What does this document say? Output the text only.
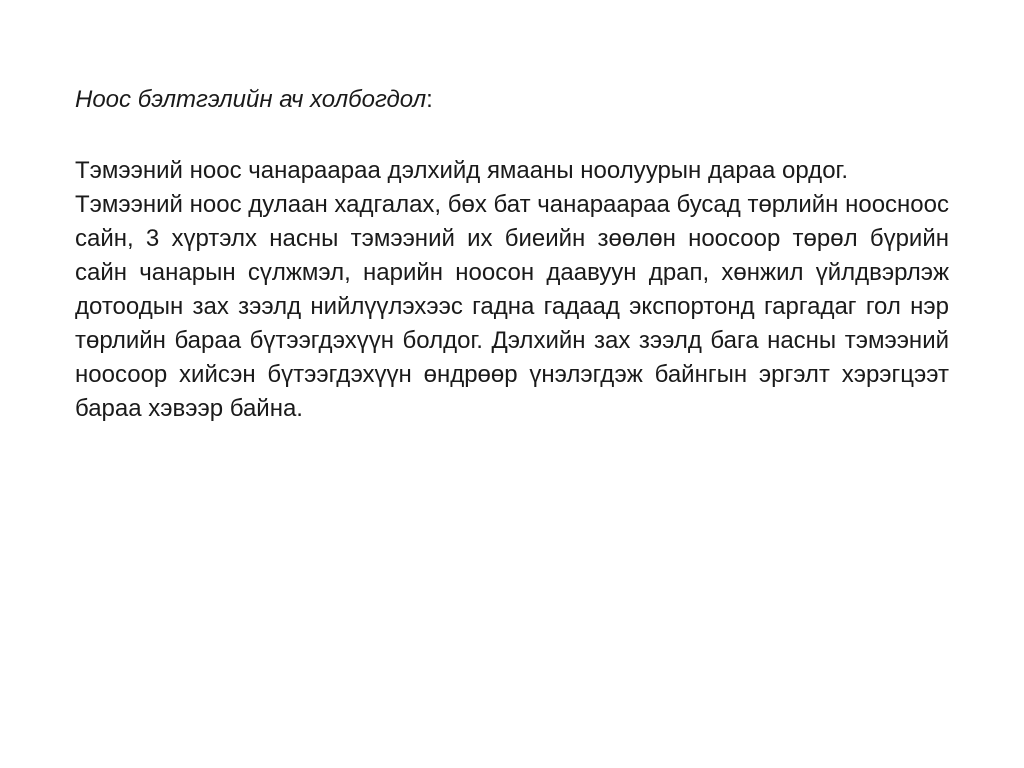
Ноос бэлтгэлийн ач холбогдол:

Тэмээний ноос чанараараа дэлхийд ямааны ноолуурын дараа ордог.

Тэмээний ноос дулаан хадгалах, бөх бат чанараараа бусад төрлийн нооснoос сайн, 3 хүртэлх насны тэмээний их биеийн зөөлөн ноосоор төрөл бүрийн сайн чанарын сүлжмэл, нарийн ноосон даавуун драп, хөнжил үйлдвэрлэж дотоодын зах зээлд нийлүүлэхээс гадна гадаад экспортонд гаргадаг гол нэр төрлийн бараа бүтээгдэхүүн болдог. Дэлхийн зах зээлд бага насны тэмээний ноосоор хийсэн бүтээгдэхүүн өндрөөр үнэлэгдэж байнгын эргэлт хэрэгцээт бараа хэвээр байна.
